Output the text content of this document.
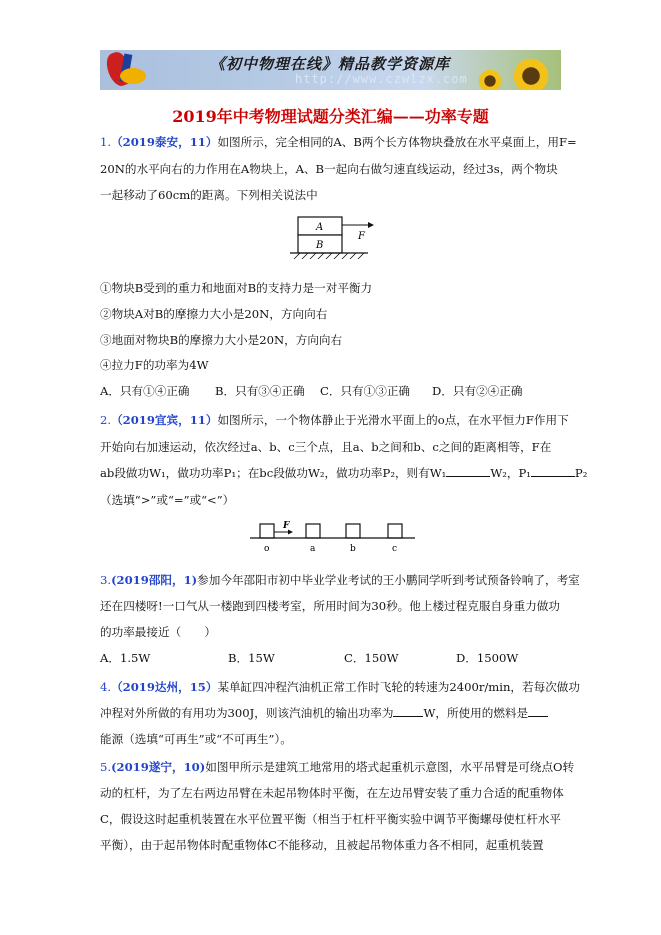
《初中物理在线》精品教学资源库
http://www.czwlzx.com
2019年中考物理试题分类汇编——功率专题
1.（2019泰安，11）如图所示，完全相同的A、B两个长方体物块叠放在水平桌面上，用F=
20N的水平向右的力作用在A物块上，A、B一起向右做匀速直线运动，经过3s，两个物块
一起移动了60cm的距离。下列相关说法中
A
B
F
①物块B受到的重力和地面对B的支持力是一对平衡力
②物块A对B的摩擦力大小是20N，方向向右
③地面对物块B的摩擦力大小是20N，方向向右
④拉力F的功率为4W
A．只有①④正确 B．只有③④正确 C．只有①③正确 D．只有②④正确
2.（2019宜宾，11）如图所示，一个物体静止于光滑水平面上的o点，在水平恒力F作用下
开始向右加速运动，依次经过a、b、c三个点，且a、b之间和b、c之间的距离相等，F在
ab段做功W₁，做功功率P₁；在bc段做功W₂，做功功率P₂，则有W₁	W₂，P₁	P₂
（选填“>”或“=”或“<”）
F
o	a	b	c
3.(2019邵阳，1)参加今年邵阳市初中毕业学业考试的王小鹏同学听到考试预备铃响了，考室
还在四楼呀!一口气从一楼跑到四楼考室，所用时间为30秒。他上楼过程克服自身重力做功
的功率最接近（　　）
A．1.5W	B．15W	C．150W	D．1500W
4.（2019达州，15）某单缸四冲程汽油机正常工作时飞轮的转速为2400r/min，若每次做功
冲程对外所做的有用功为300J，则该汽油机的输出功率为	W，所使用的燃料是
能源（选填“可再生”或“不可再生”）。
5.(2019遂宁，10)如图甲所示是建筑工地常用的塔式起重机示意图，水平吊臂是可绕点O转
动的杠杆，为了左右两边吊臂在未起吊物体时平衡，在左边吊臂安装了重力合适的配重物体
C，假设这时起重机装置在水平位置平衡（相当于杠杆平衡实验中调节平衡螺母使杠杆水平
平衡），由于起吊物体时配重物体C不能移动，且被起吊物体重力各不相同，起重机装置
